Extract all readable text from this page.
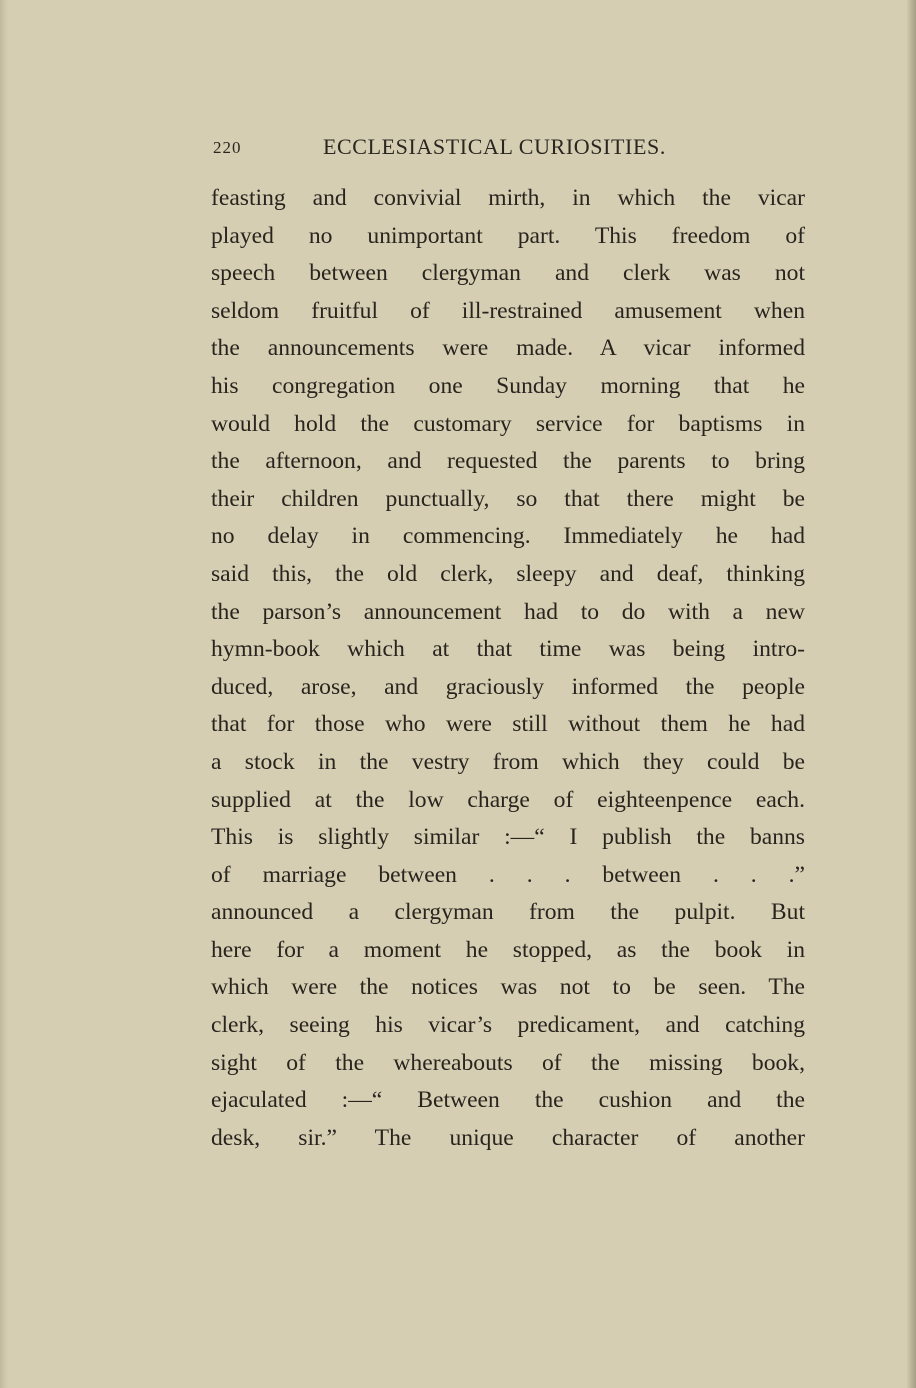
220	ECCLESIASTICAL CURIOSITIES.
feasting and convivial mirth, in which the vicar
played no unimportant part. This freedom of
speech between clergyman and clerk was not
seldom fruitful of ill-restrained amusement when
the announcements were made. A vicar informed
his congregation one Sunday morning that he
would hold the customary service for baptisms in
the afternoon, and requested the parents to bring
their children punctually, so that there might be
no delay in commencing. Immediately he had
said this, the old clerk, sleepy and deaf, thinking
the parson’s announcement had to do with a new
hymn-book which at that time was being intro-
duced, arose, and graciously informed the people
that for those who were still without them he had
a stock in the vestry from which they could be
supplied at the low charge of eighteenpence each.
This is slightly similar :—“ I publish the banns
of marriage between . . . between . . .”
announced a clergyman from the pulpit. But
here for a moment he stopped, as the book in
which were the notices was not to be seen. The
clerk, seeing his vicar’s predicament, and catching
sight of the whereabouts of the missing book,
ejaculated :—“ Between the cushion and the
desk, sir.” The unique character of another
